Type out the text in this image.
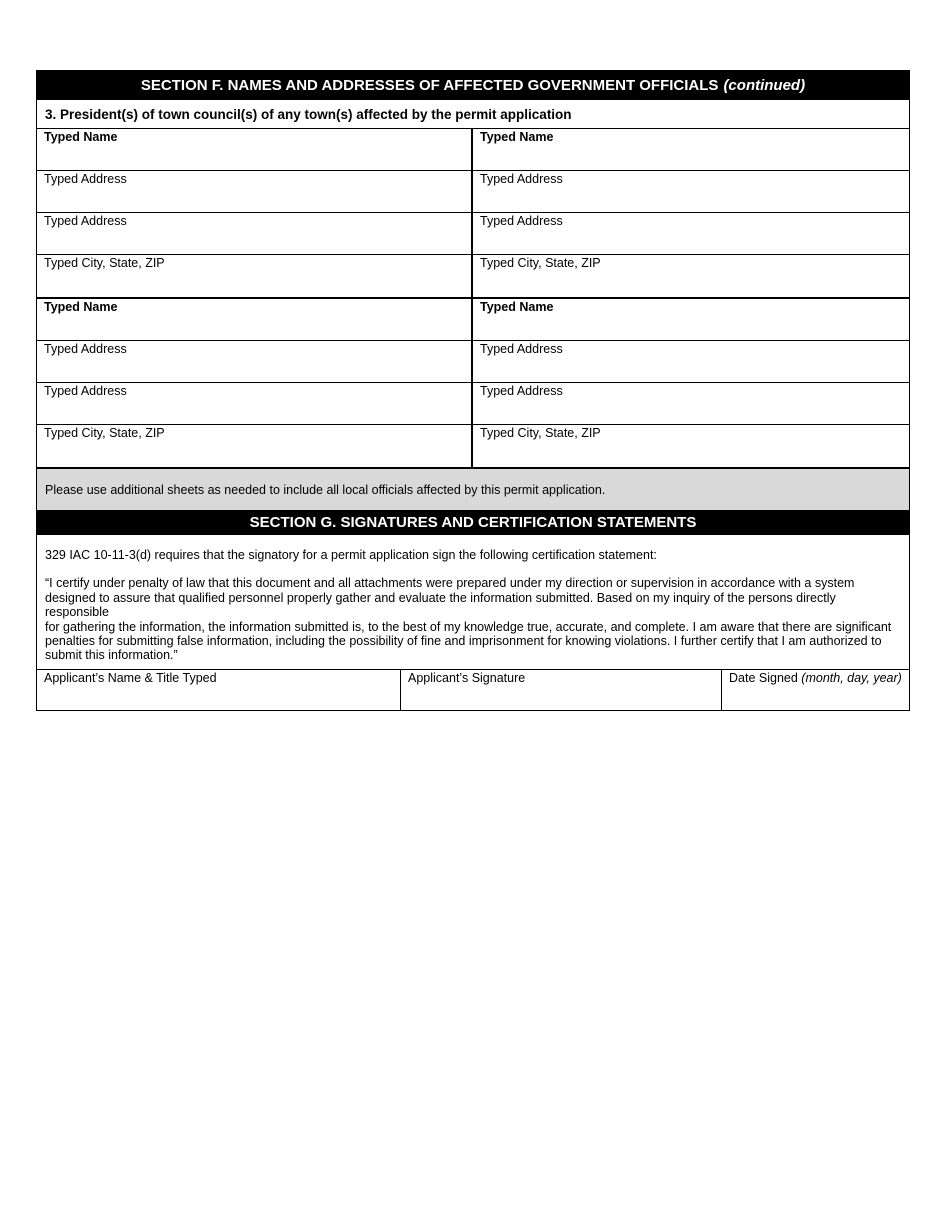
SECTION F. NAMES AND ADDRESSES OF AFFECTED GOVERNMENT OFFICIALS (continued)
3. President(s) of town council(s) of any town(s) affected by the permit application
Typed Name
Typed Address
Typed Address
Typed City, State, ZIP
Typed Name
Typed Address
Typed Address
Typed City, State, ZIP
Typed Name
Typed Address
Typed Address
Typed City, State, ZIP
Typed Name
Typed Address
Typed Address
Typed City, State, ZIP
Please use additional sheets as needed to include all local officials affected by this permit application.
SECTION G. SIGNATURES AND CERTIFICATION STATEMENTS

329 IAC 10-11-3(d) requires that the signatory for a permit application sign the following certification statement:

“I certify under penalty of law that this document and all attachments were prepared under my direction or supervision in accordance with a system
designed to assure that qualified personnel properly gather and evaluate the information submitted. Based on my inquiry of the persons directly responsible
for gathering the information, the information submitted is, to the best of my knowledge true, accurate, and complete. I am aware that there are significant
penalties for submitting false information, including the possibility of fine and imprisonment for knowing violations. I further certify that I am authorized to
submit this information.”

Applicant’s Name & Title Typed	Applicant’s Signature	Date Signed (month, day, year)
